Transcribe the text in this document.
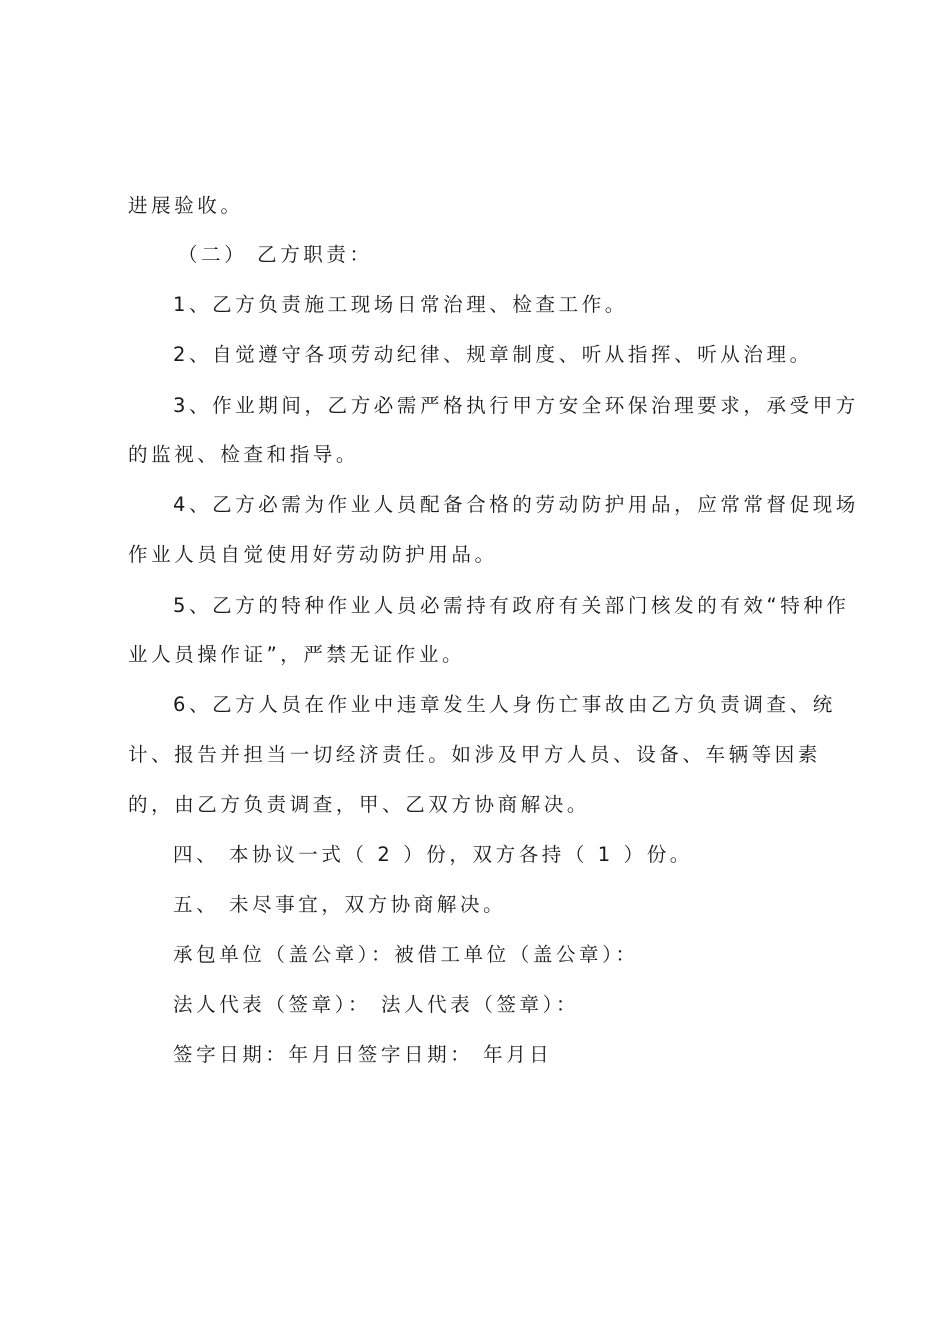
进展验收。
（二） 乙方职责：
1、乙方负责施工现场日常治理、检查工作。
2、自觉遵守各项劳动纪律、规章制度、听从指挥、听从治理。
3、作业期间，乙方必需严格执行甲方安全环保治理要求，承受甲方
的监视、检查和指导。
4、乙方必需为作业人员配备合格的劳动防护用品，应常常督促现场
作业人员自觉使用好劳动防护用品。
5、乙方的特种作业人员必需持有政府有关部门核发的有效“特种作
业人员操作证”，严禁无证作业。
6、乙方人员在作业中违章发生人身伤亡事故由乙方负责调查、统
计、报告并担当一切经济责任。如涉及甲方人员、设备、车辆等因素
的，由乙方负责调查，甲、乙双方协商解决。
四、 本协议一式（ 2 ）份，双方各持（ 1 ）份。
五、 未尽事宜，双方协商解决。
承包单位（盖公章）：被借工单位（盖公章）：
法人代表（签章）： 法人代表（签章）：
签字日期：年月日签字日期： 年月日
